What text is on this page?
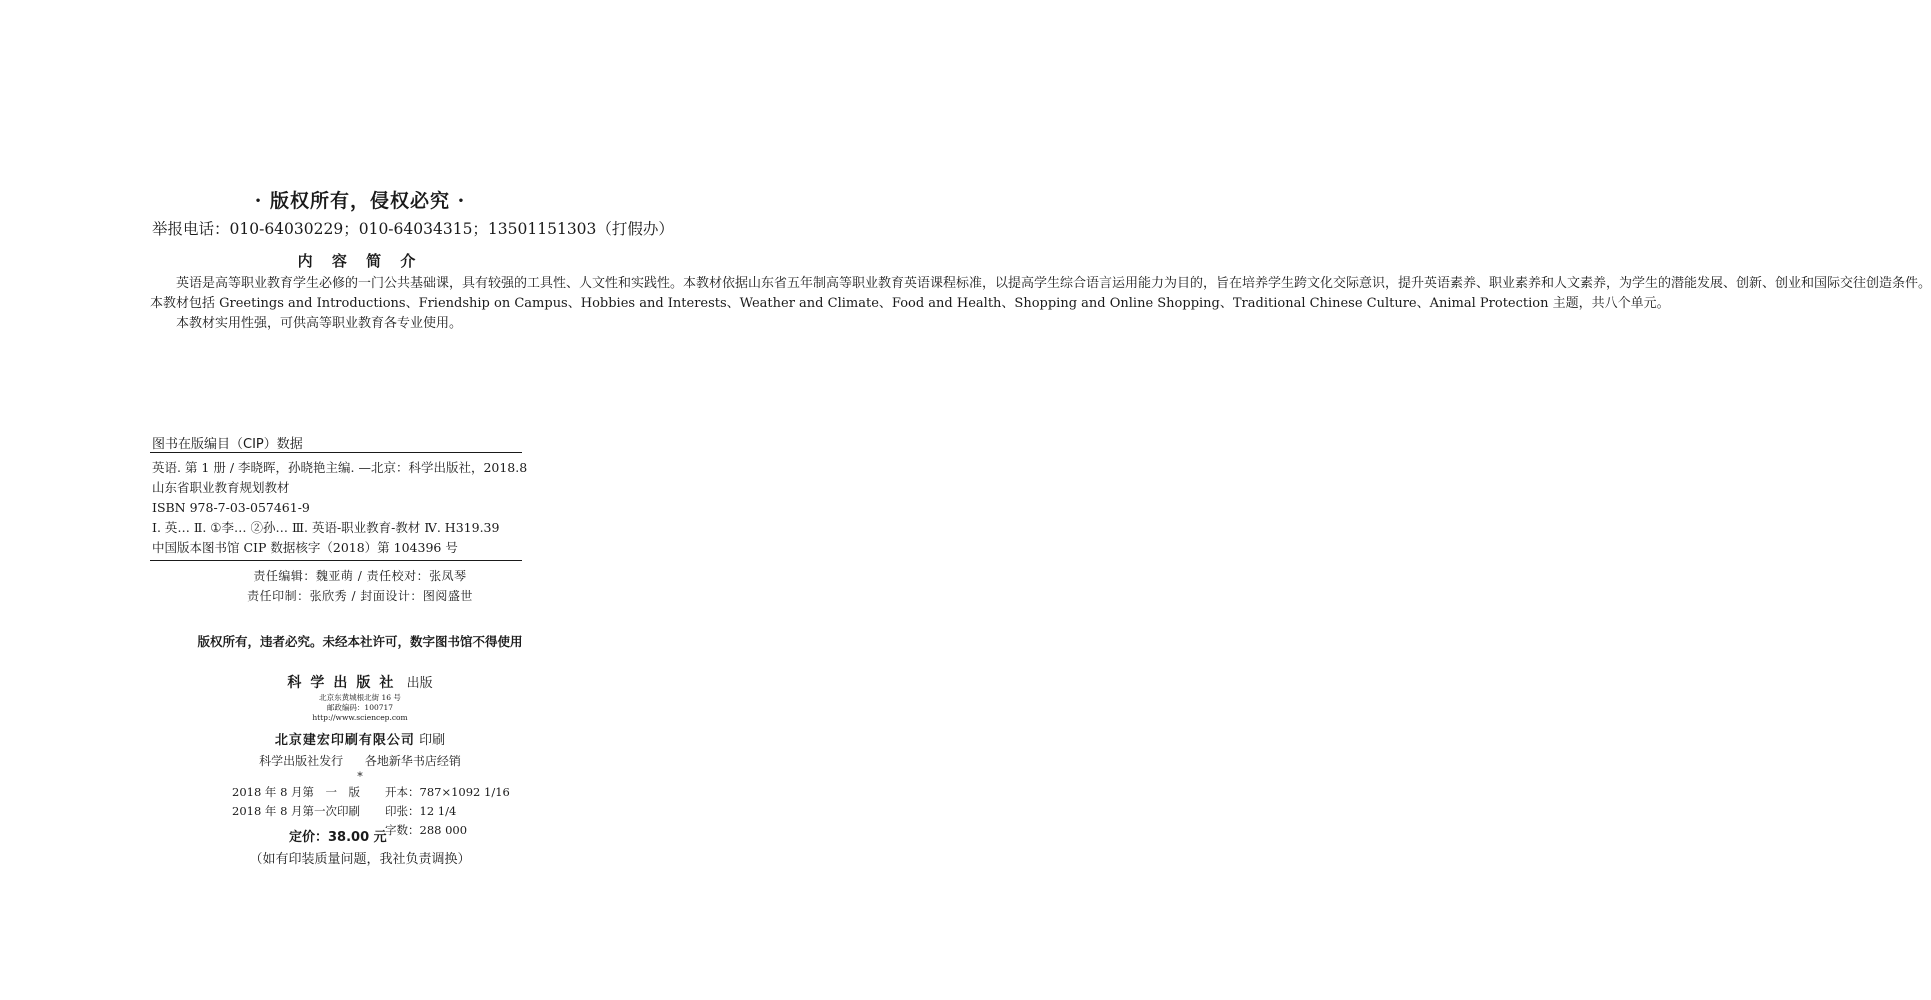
· 版权所有，侵权必究 ·
举报电话：010-64030229；010-64034315；13501151303（打假办）
内 容 简 介

英语是高等职业教育学生必修的一门公共基础课，具有较强的工具性、人文性和实践性。本教材依据山东省五年制高等职业教育英语课程标准，以提高学生综合语言运用能力为目的，旨在培养学生跨文化交际意识，提升英语素养、职业素养和人文素养，为学生的潜能发展、创新、创业和国际交往创造条件。

本教材包括 Greetings and Introductions、Friendship on Campus、Hobbies and Interests、Weather and Climate、Food and Health、Shopping and Online Shopping、Traditional Chinese Culture、Animal Protection 主题，共八个单元。

本教材实用性强，可供高等职业教育各专业使用。

图书在版编目（CIP）数据
英语. 第 1 册 / 李晓晖，孙晓艳主编. —北京：科学出版社，2018.8
山东省职业教育规划教材
ISBN 978-7-03-057461-9
Ⅰ. 英… Ⅱ. ①李… ②孙… Ⅲ. 英语-职业教育-教材 Ⅳ. H319.39
中国版本图书馆 CIP 数据核字（2018）第 104396 号
责任编辑：魏亚萌 / 责任校对：张凤琴
责任印制：张欣秀 / 封面设计：图阅盛世
版权所有，违者必究。未经本社许可，数字图书馆不得使用
科学出版社 出版
北京东黄城根北街 16 号
邮政编码：100717
http://www.sciencep.com
北京建宏印刷有限公司 印刷
科学出版社发行 各地新华书店经销
*
2018 年 8 月第　一　版
2018 年 8 月第一次印刷
开本：787×1092 1/16
印张：12 1/4
字数：288 000
定价：38.00 元
（如有印装质量问题，我社负责调换）
